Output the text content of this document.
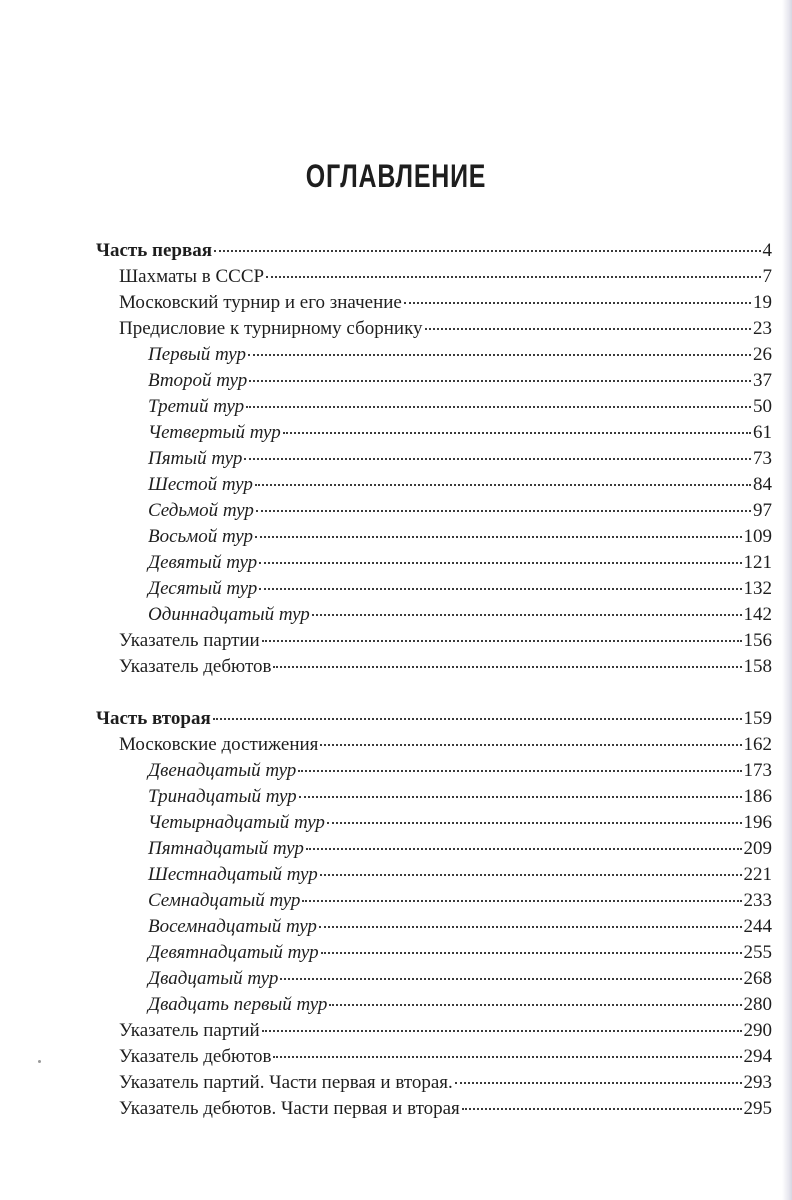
ОГЛАВЛЕНИЕ
Часть первая	4
Шахматы в СССР	7
Московский турнир и его значение	19
Предисловие к турнирному сборнику	23
Первый тур	26
Второй тур	37
Третий тур	50
Четвертый тур	61
Пятый тур	73
Шестой тур	84
Седьмой тур	97
Восьмой тур	109
Девятый тур	121
Десятый тур	132
Одиннадцатый тур	142
Указатель партии	156
Указатель дебютов	158
Часть вторая	159
Московские достижения	162
Двенадцатый тур	173
Тринадцатый тур	186
Четырнадцатый тур	196
Пятнадцатый тур	209
Шестнадцатый тур	221
Семнадцатый тур	233
Восемнадцатый тур	244
Девятнадцатый тур	255
Двадцатый тур	268
Двадцать первый тур	280
Указатель партий	290
Указатель дебютов	294
Указатель партий. Части первая и вторая.	293
Указатель дебютов. Части первая и вторая	295
